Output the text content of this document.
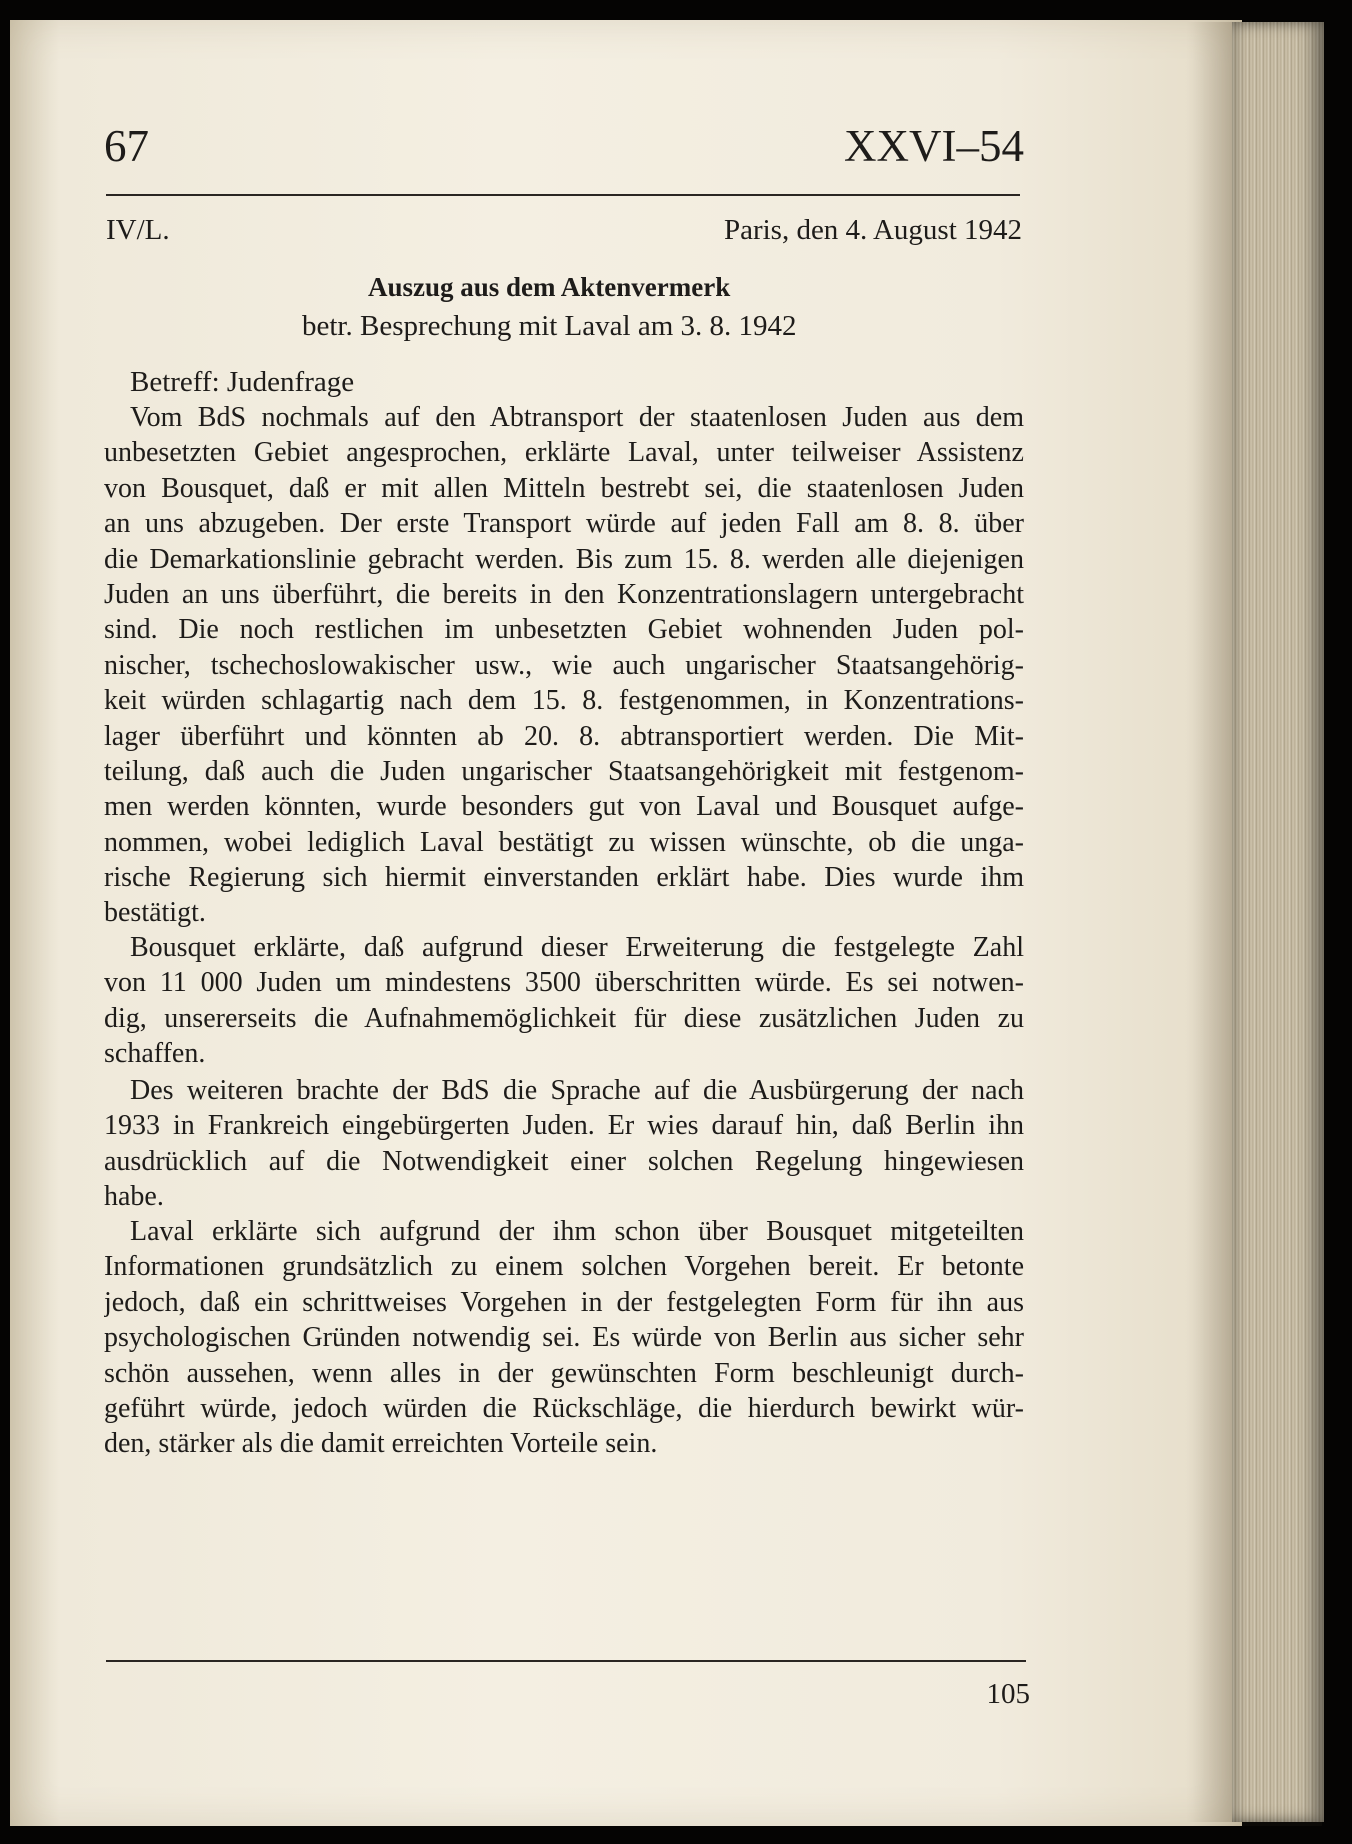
67	XXVI–54
IV/L.	Paris, den 4. August 1942
Auszug aus dem Aktenvermerk
betr. Besprechung mit Laval am 3. 8. 1942
Betreff: Judenfrage
Vom BdS nochmals auf den Abtransport der staatenlosen Juden aus dem
unbesetzten Gebiet angesprochen, erklärte Laval, unter teilweiser Assistenz
von Bousquet, daß er mit allen Mitteln bestrebt sei, die staatenlosen Juden
an uns abzugeben. Der erste Transport würde auf jeden Fall am 8. 8. über
die Demarkationslinie gebracht werden. Bis zum 15. 8. werden alle diejenigen
Juden an uns überführt, die bereits in den Konzentrationslagern untergebracht
sind. Die noch restlichen im unbesetzten Gebiet wohnenden Juden pol-
nischer, tschechoslowakischer usw., wie auch ungarischer Staatsangehörig-
keit würden schlagartig nach dem 15. 8. festgenommen, in Konzentrations-
lager überführt und könnten ab 20. 8. abtransportiert werden. Die Mit-
teilung, daß auch die Juden ungarischer Staatsangehörigkeit mit festgenom-
men werden könnten, wurde besonders gut von Laval und Bousquet aufge-
nommen, wobei lediglich Laval bestätigt zu wissen wünschte, ob die unga-
rische Regierung sich hiermit einverstanden erklärt habe. Dies wurde ihm
bestätigt.
Bousquet erklärte, daß aufgrund dieser Erweiterung die festgelegte Zahl
von 11 000 Juden um mindestens 3500 überschritten würde. Es sei notwen-
dig, unsererseits die Aufnahmemöglichkeit für diese zusätzlichen Juden zu
schaffen.
Des weiteren brachte der BdS die Sprache auf die Ausbürgerung der nach
1933 in Frankreich eingebürgerten Juden. Er wies darauf hin, daß Berlin ihn
ausdrücklich auf die Notwendigkeit einer solchen Regelung hingewiesen
habe.
Laval erklärte sich aufgrund der ihm schon über Bousquet mitgeteilten
Informationen grundsätzlich zu einem solchen Vorgehen bereit. Er betonte
jedoch, daß ein schrittweises Vorgehen in der festgelegten Form für ihn aus
psychologischen Gründen notwendig sei. Es würde von Berlin aus sicher sehr
schön aussehen, wenn alles in der gewünschten Form beschleunigt durch-
geführt würde, jedoch würden die Rückschläge, die hierdurch bewirkt wür-
den, stärker als die damit erreichten Vorteile sein.
105
